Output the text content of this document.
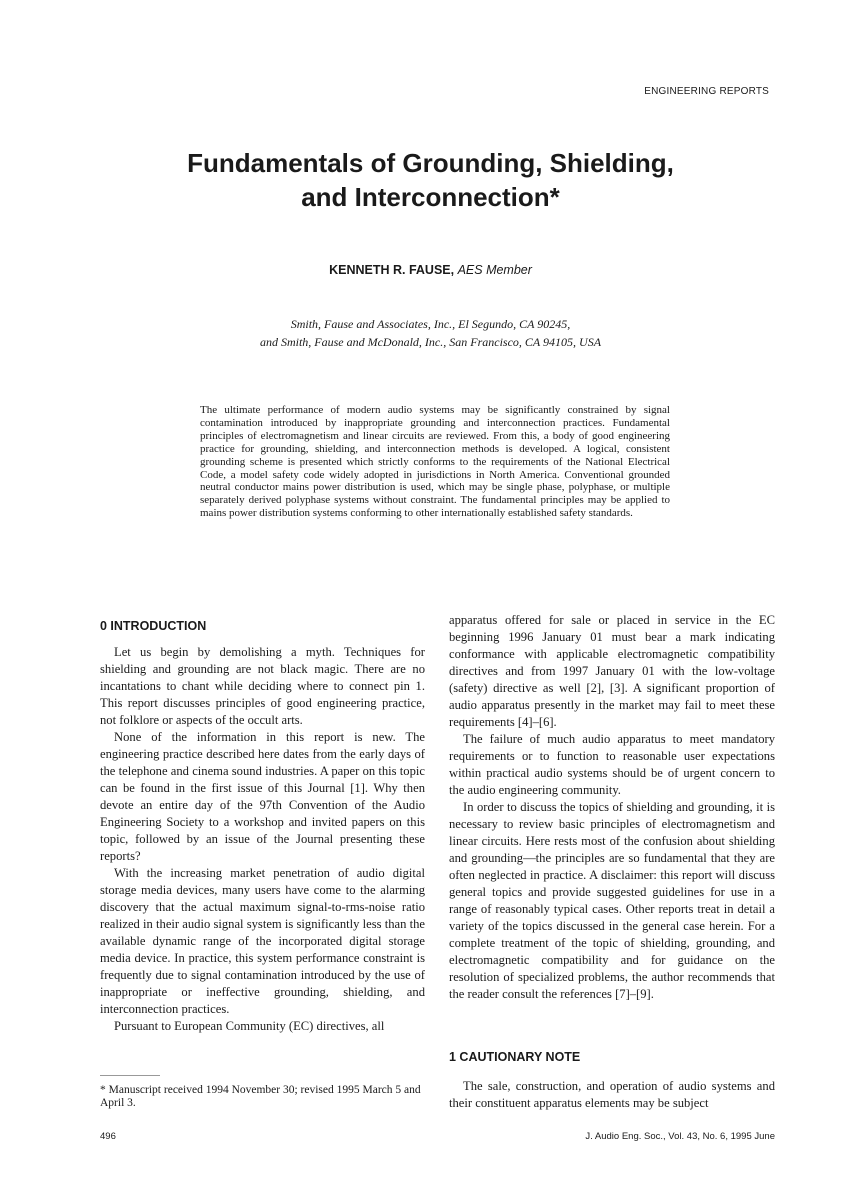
ENGINEERING REPORTS
Fundamentals of Grounding, Shielding,
and Interconnection*
KENNETH R. FAUSE, AES Member
Smith, Fause and Associates, Inc., El Segundo, CA 90245,
and Smith, Fause and McDonald, Inc., San Francisco, CA 94105, USA
The ultimate performance of modern audio systems may be significantly constrained by signal contamination introduced by inappropriate grounding and interconnection practices. Fundamental principles of electromagnetism and linear circuits are reviewed. From this, a body of good engineering practice for grounding, shielding, and interconnection methods is developed. A logical, consistent grounding scheme is presented which strictly conforms to the requirements of the National Electrical Code, a model safety code widely adopted in jurisdictions in North America. Conventional grounded neutral conductor mains power distribution is used, which may be single phase, polyphase, or multiple separately derived polyphase systems without constraint. The fundamental principles may be applied to mains power distribution systems conforming to other internationally established safety standards.
0 INTRODUCTION

Let us begin by demolishing a myth. Techniques for shielding and grounding are not black magic. There are no incantations to chant while deciding where to connect pin 1. This report discusses principles of good engineering practice, not folklore or aspects of the occult arts.

None of the information in this report is new. The engineering practice described here dates from the early days of the telephone and cinema sound industries. A paper on this topic can be found in the first issue of this Journal [1]. Why then devote an entire day of the 97th Convention of the Audio Engineering Society to a workshop and invited papers on this topic, followed by an issue of the Journal presenting these reports?

With the increasing market penetration of audio digital storage media devices, many users have come to the alarming discovery that the actual maximum signal-to-rms-noise ratio realized in their audio signal system is significantly less than the available dynamic range of the incorporated digital storage media device. In practice, this system performance constraint is frequently due to signal contamination introduced by the use of inappropriate or ineffective grounding, shielding, and interconnection practices.

Pursuant to European Community (EC) directives, all

apparatus offered for sale or placed in service in the EC beginning 1996 January 01 must bear a mark indicating conformance with applicable electromagnetic compatibility directives and from 1997 January 01 with the low-voltage (safety) directive as well [2], [3]. A significant proportion of audio apparatus presently in the market may fail to meet these requirements [4]–[6].

The failure of much audio apparatus to meet mandatory requirements or to function to reasonable user expectations within practical audio systems should be of urgent concern to the audio engineering community.

In order to discuss the topics of shielding and grounding, it is necessary to review basic principles of electromagnetism and linear circuits. Here rests most of the confusion about shielding and grounding—the principles are so fundamental that they are often neglected in practice. A disclaimer: this report will discuss general topics and provide suggested guidelines for use in a range of reasonably typical cases. Other reports treat in detail a variety of the topics discussed in the general case herein. For a complete treatment of the topic of shielding, grounding, and electromagnetic compatibility and for guidance on the resolution of specialized problems, the author recommends that the reader consult the references [7]–[9].

1 CAUTIONARY NOTE

The sale, construction, and operation of audio systems and their constituent apparatus elements may be subject

* Manuscript received 1994 November 30; revised 1995 March 5 and April 3.
496	J. Audio Eng. Soc., Vol. 43, No. 6, 1995 June
